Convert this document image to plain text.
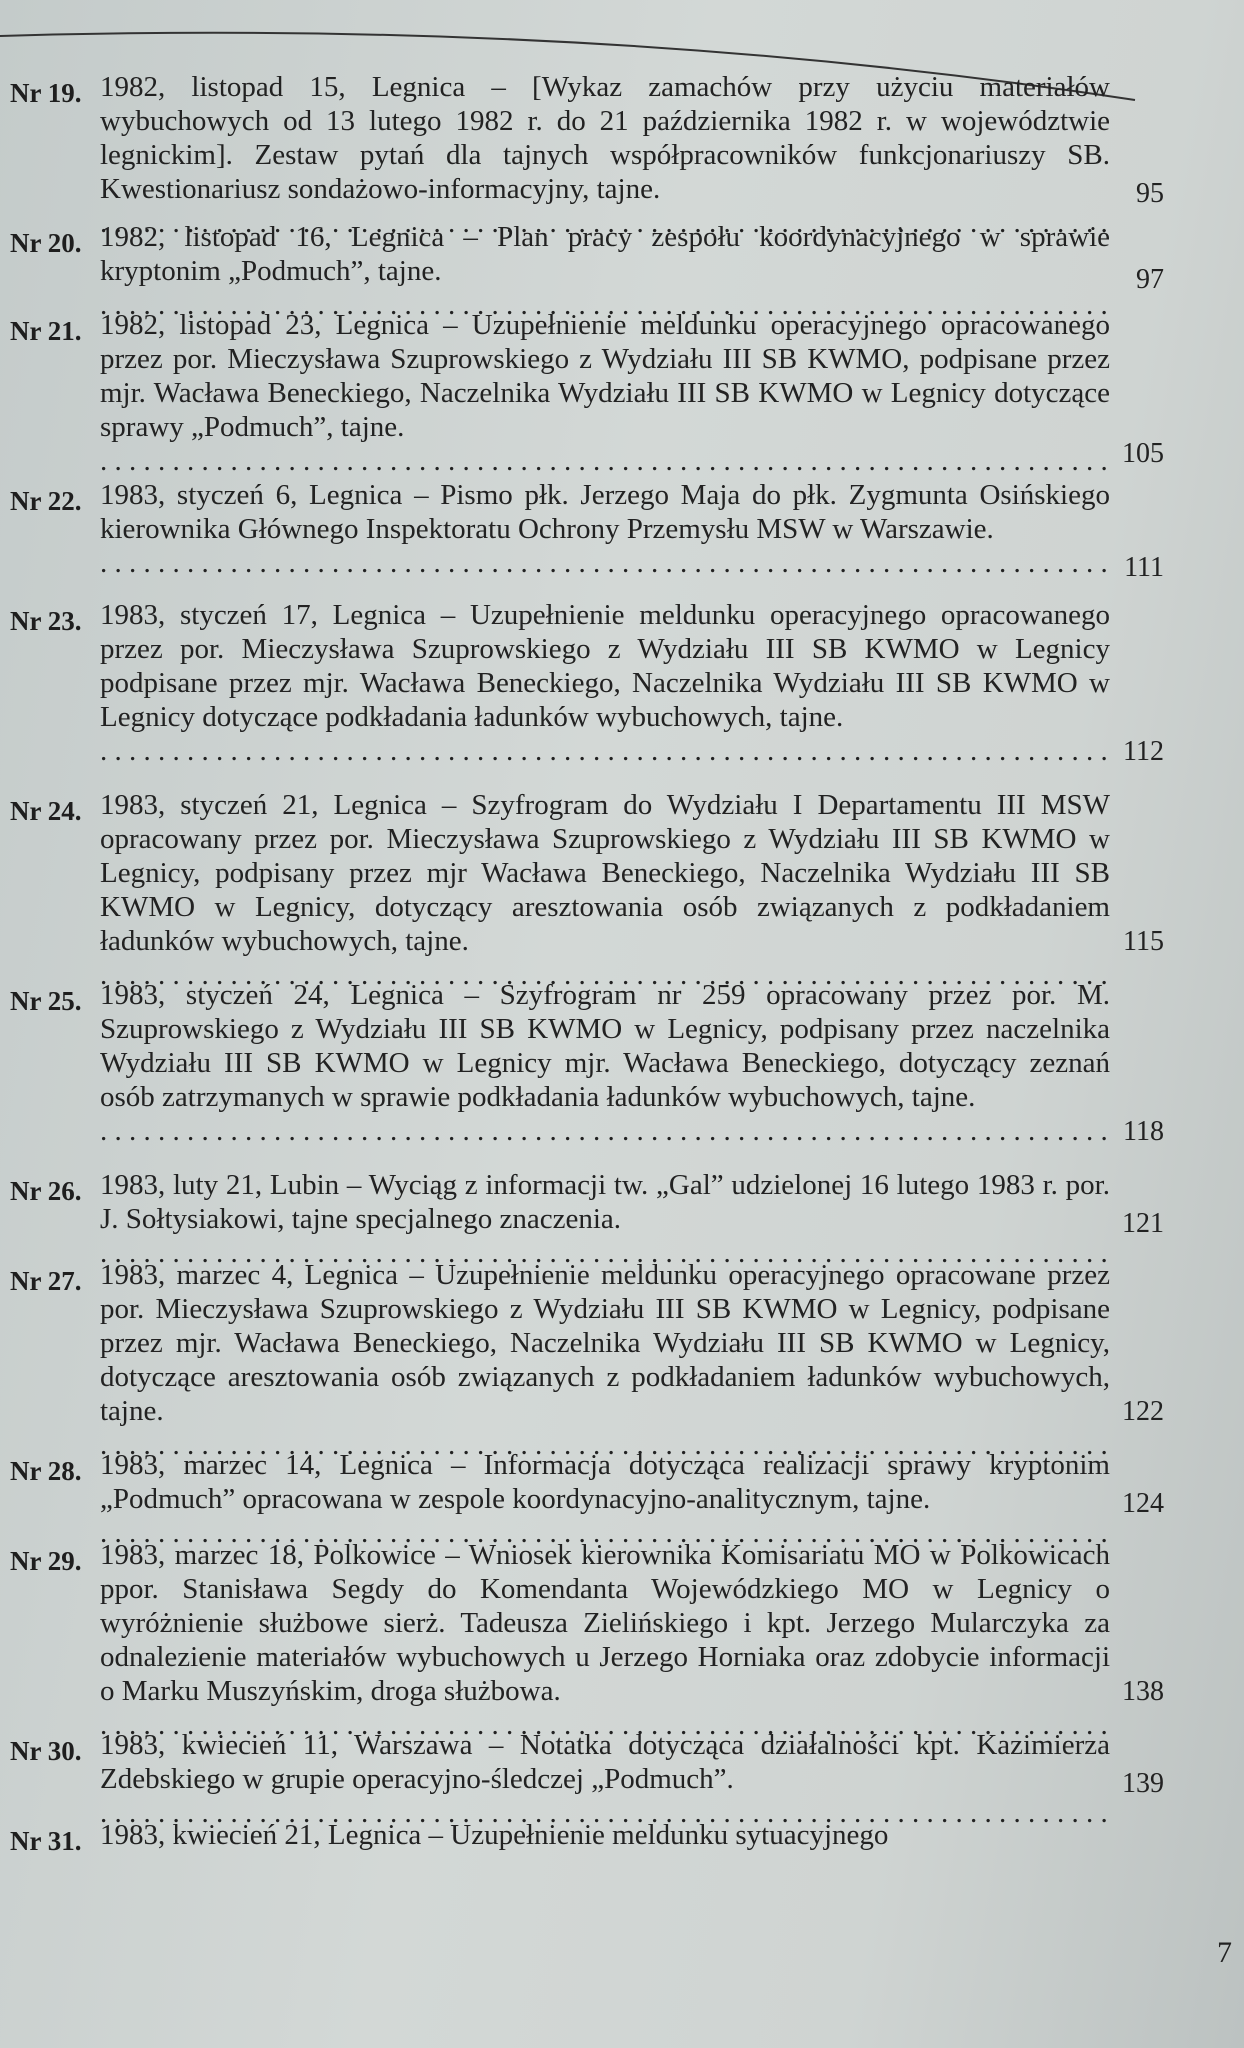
Nr 19. 1982, listopad 15, Legnica – [Wykaz zamachów przy użyciu materiałów wybuchowych od 13 lutego 1982 r. do 21 października 1982 r. w województwie legnickim]. Zestaw pytań dla tajnych współpracowników funkcjonariuszy SB. Kwestionariusz sondażowo-informacyjny, tajne.
. . .	95
Nr 20. 1982, listopad 16, Legnica – Plan pracy zespołu koordynacyjnego w sprawie kryptonim „Podmuch”, tajne.
. . .	97
Nr 21. 1982, listopad 23, Legnica – Uzupełnienie meldunku operacyjnego opracowanego przez por. Mieczysława Szuprowskiego z Wydziału III SB KWMO, podpisane przez mjr. Wacława Beneckiego, Naczelnika Wydziału III SB KWMO w Legnicy dotyczące sprawy „Podmuch”, tajne.
. . .
105
Nr 22. 1983, styczeń 6, Legnica – Pismo płk. Jerzego Maja do płk. Zygmunta Osińskiego kierownika Głównego Inspektoratu Ochrony Przemysłu MSW w Warszawie.
. . .
111
Nr 23. 1983, styczeń 17, Legnica – Uzupełnienie meldunku operacyjnego opracowanego przez por. Mieczysława Szuprowskiego z Wydziału III SB KWMO w Legnicy podpisane przez mjr. Wacława Beneckiego, Naczelnika Wydziału III SB KWMO w Legnicy dotyczące podkładania ładunków wybuchowych, tajne.
. . .
112
Nr 24. 1983, styczeń 21, Legnica – Szyfrogram do Wydziału I Departamentu III MSW opracowany przez por. Mieczysława Szuprowskiego z Wydziału III SB KWMO w Legnicy, podpisany przez mjr Wacława Beneckiego, Naczelnika Wydziału III SB KWMO w Legnicy, dotyczący aresztowania osób związanych z podkładaniem ładunków wybuchowych, tajne.
. . .	115
Nr 25. 1983, styczeń 24, Legnica – Szyfrogram nr 259 opracowany przez por. M. Szuprowskiego z Wydziału III SB KWMO w Legnicy, podpisany przez naczelnika Wydziału III SB KWMO w Legnicy mjr. Wacława Beneckiego, dotyczący zeznań osób zatrzymanych w sprawie podkładania ładunków wybuchowych, tajne.
. . .
118
Nr 26. 1983, luty 21, Lubin – Wyciąg z informacji tw. „Gal” udzielonej 16 lutego 1983 r. por. J. Sołtysiakowi, tajne specjalnego znaczenia.
. . .	121
Nr 27. 1983, marzec 4, Legnica – Uzupełnienie meldunku operacyjnego opracowane przez por. Mieczysława Szuprowskiego z Wydziału III SB KWMO w Legnicy, podpisane przez mjr. Wacława Beneckiego, Naczelnika Wydziału III SB KWMO w Legnicy, dotyczące aresztowania osób związanych z podkładaniem ładunków wybuchowych, tajne.
. . .	122
Nr 28. 1983, marzec 14, Legnica – Informacja dotycząca realizacji sprawy kryptonim „Podmuch” opracowana w zespole koordynacyjno-analitycznym, tajne.
. . .	124
Nr 29. 1983, marzec 18, Polkowice – Wniosek kierownika Komisariatu MO w Polkowicach ppor. Stanisława Segdy do Komendanta Wojewódzkiego MO w Legnicy o wyróżnienie służbowe sierż. Tadeusza Zielińskiego i kpt. Jerzego Mularczyka za odnalezienie materiałów wybuchowych u Jerzego Horniaka oraz zdobycie informacji o Marku Muszyńskim, droga służbowa.
. . .	138
Nr 30. 1983, kwiecień 11, Warszawa – Notatka dotycząca działalności kpt. Kazimierza Zdebskiego w grupie operacyjno-śledczej „Podmuch”.
. . .	139
Nr 31. 1983, kwiecień 21, Legnica – Uzupełnienie meldunku sytuacyjnego
7
